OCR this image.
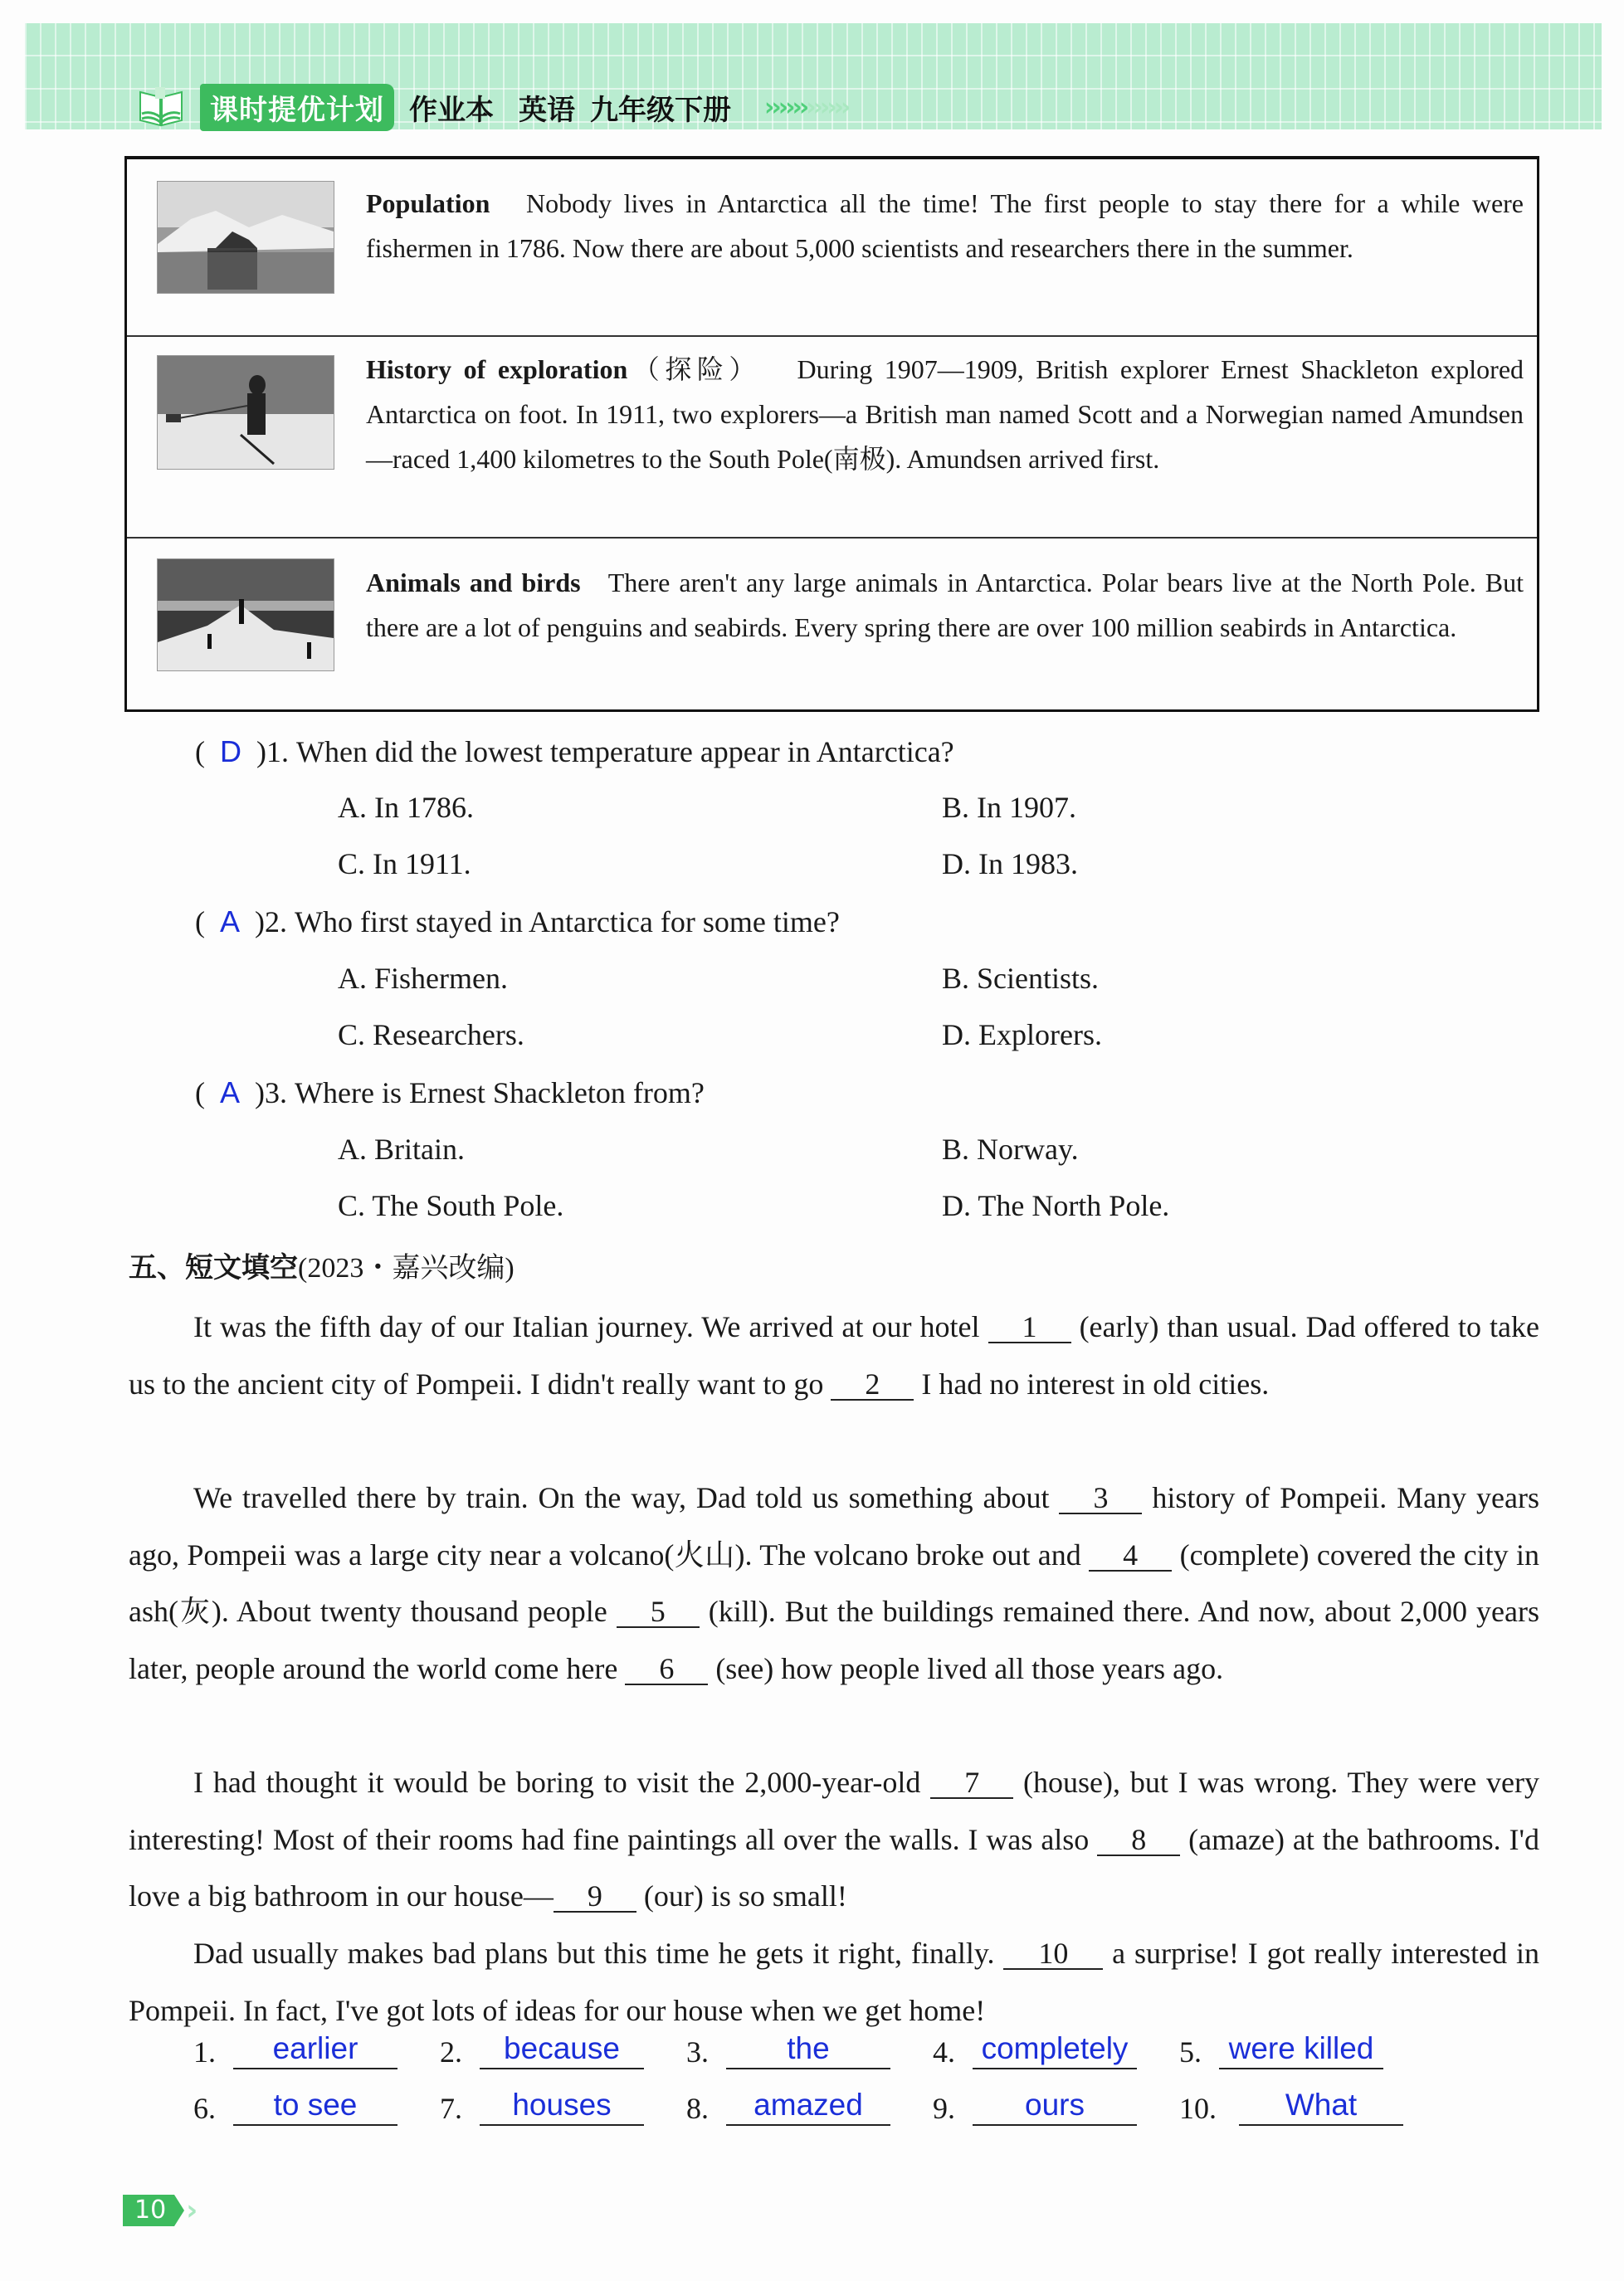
课时提优计划 作业本 英语 九年级下册 ››››››››››››
Population Nobody lives in Antarctica all the time! The first people to stay there for a while were fishermen in 1786. Now there are about 5,000 scientists and researchers there in the summer.
History of exploration（探险） During 1907—1909, British explorer Ernest Shackleton explored Antarctica on foot. In 1911, two explorers—a British man named Scott and a Norwegian named Amundsen—raced 1,400 kilometres to the South Pole(南极). Amundsen arrived first.
Animals and birds There aren't any large animals in Antarctica. Polar bears live at the North Pole. But there are a lot of penguins and seabirds. Every spring there are over 100 million seabirds in Antarctica.
(  D )1. When did the lowest temperature appear in Antarctica?
A. In 1786.	B. In 1907.
C. In 1911.	D. In 1983.
(  A )2. Who first stayed in Antarctica for some time?
A. Fishermen.	B. Scientists.
C. Researchers.	D. Explorers.
(  A )3. Where is Ernest Shackleton from?
A. Britain.	B. Norway.
C. The South Pole.	D. The North Pole.
五、短文填空(2023・嘉兴改编)
It was the fifth day of our Italian journey. We arrived at our hotel 1 (early) than usual. Dad offered to take us to the ancient city of Pompeii. I didn't really want to go 2 I had no interest in old cities.
We travelled there by train. On the way, Dad told us something about 3 history of Pompeii. Many years ago, Pompeii was a large city near a volcano(火山). The volcano broke out and 4 (complete) covered the city in ash(灰). About twenty thousand people 5 (kill). But the buildings remained there. And now, about 2,000 years later, people around the world come here 6 (see) how people lived all those years ago.
I had thought it would be boring to visit the 2,000-year-old 7 (house), but I was wrong. They were very interesting! Most of their rooms had fine paintings all over the walls. I was also 8 (amaze) at the bathrooms. I'd love a big bathroom in our house— 9 (our) is so small!
Dad usually makes bad plans but this time he gets it right, finally. 10 a surprise! I got really interested in Pompeii. In fact, I've got lots of ideas for our house when we get home!
1.	earlier	2.	because	3.	the	4. completely 5. were killed
6.	to see	7.	houses	8.	amazed	9.	ours	10.	What
10 ›
